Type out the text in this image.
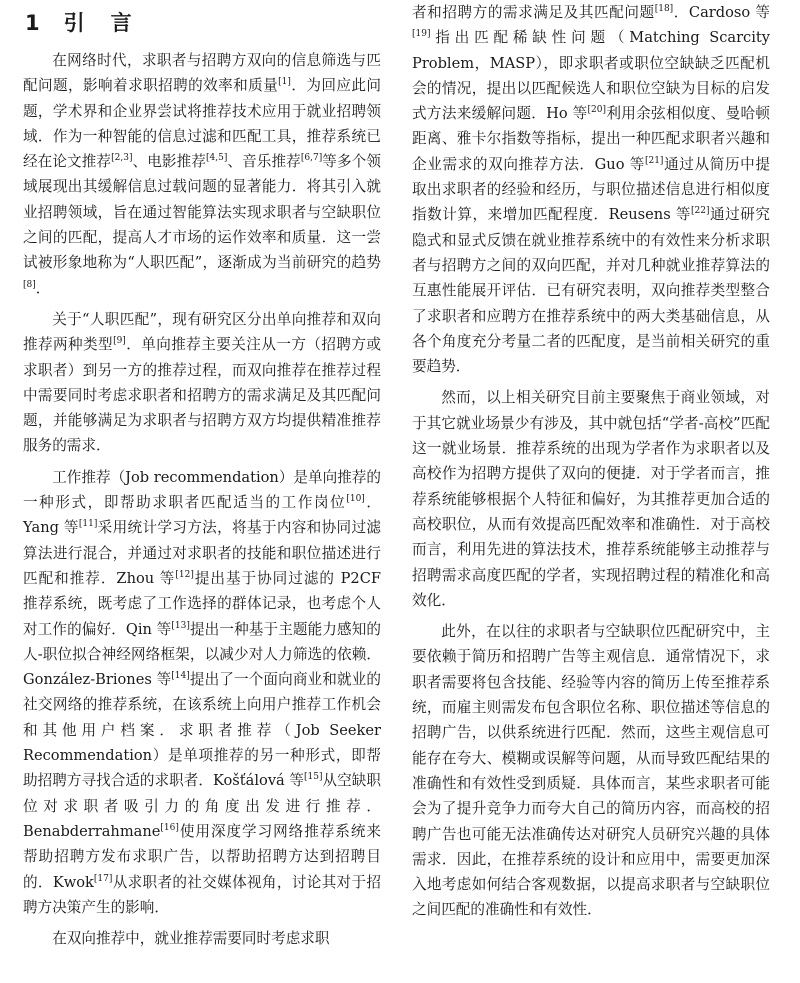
1 引 言

在网络时代，求职者与招聘方双向的信息筛选与匹配问题，影响着求职招聘的效率和质量[1]．为回应此问题，学术界和企业界尝试将推荐技术应用于就业招聘领域．作为一种智能的信息过滤和匹配工具，推荐系统已经在论文推荐[2,3]、电影推荐[4,5]、音乐推荐[6,7]等多个领域展现出其缓解信息过载问题的显著能力．将其引入就业招聘领域，旨在通过智能算法实现求职者与空缺职位之间的匹配，提高人才市场的运作效率和质量．这一尝试被形象地称为“人职匹配”，逐渐成为当前研究的趋势[8]．

关于“人职匹配”，现有研究区分出单向推荐和双向推荐两种类型[9]．单向推荐主要关注从一方（招聘方或求职者）到另一方的推荐过程，而双向推荐在推荐过程中需要同时考虑求职者和招聘方的需求满足及其匹配问题，并能够满足为求职者与招聘方双方均提供精准推荐服务的需求．

工作推荐（Job recommendation）是单向推荐的一种形式，即帮助求职者匹配适当的工作岗位[10]．Yang 等[11]采用统计学习方法，将基于内容和协同过滤算法进行混合，并通过对求职者的技能和职位描述进行匹配和推荐．Zhou 等[12]提出基于协同过滤的 P2CF 推荐系统，既考虑了工作选择的群体记录，也考虑个人对工作的偏好．Qin 等[13]提出一种基于主题能力感知的人-职位拟合神经网络框架，以减少对人力筛选的依赖．González-Briones 等[14]提出了一个面向商业和就业的社交网络的推荐系统，在该系统上向用户推荐工作机会和其他用户档案．求职者推荐（Job Seeker Recommendation）是单项推荐的另一种形式，即帮助招聘方寻找合适的求职者．Košťálová 等[15]从空缺职位对求职者吸引力的角度出发进行推荐．Benabderrahmane[16]使用深度学习网络推荐系统来帮助招聘方发布求职广告，以帮助招聘方达到招聘目的．Kwok[17]从求职者的社交媒体视角，讨论其对于招聘方决策产生的影响．

在双向推荐中，就业推荐需要同时考虑求职

者和招聘方的需求满足及其匹配问题[18]．Cardoso 等[19]指出匹配稀缺性问题（Matching Scarcity Problem，MASP），即求职者或职位空缺缺乏匹配机会的情况，提出以匹配候选人和职位空缺为目标的启发式方法来缓解问题．Ho 等[20]利用余弦相似度、曼哈顿距离、雅卡尔指数等指标，提出一种匹配求职者兴趣和企业需求的双向推荐方法．Guo 等[21]通过从简历中提取出求职者的经验和经历，与职位描述信息进行相似度指数计算，来增加匹配程度．Reusens 等[22]通过研究隐式和显式反馈在就业推荐系统中的有效性来分析求职者与招聘方之间的双向匹配，并对几种就业推荐算法的互惠性能展开评估．已有研究表明，双向推荐类型整合了求职者和应聘方在推荐系统中的两大类基础信息，从各个角度充分考量二者的匹配度，是当前相关研究的重要趋势．

然而，以上相关研究目前主要聚焦于商业领域，对于其它就业场景少有涉及，其中就包括“学者-高校”匹配这一就业场景．推荐系统的出现为学者作为求职者以及高校作为招聘方提供了双向的便捷．对于学者而言，推荐系统能够根据个人特征和偏好，为其推荐更加合适的高校职位，从而有效提高匹配效率和准确性．对于高校而言，利用先进的算法技术，推荐系统能够主动推荐与招聘需求高度匹配的学者，实现招聘过程的精准化和高效化．

此外，在以往的求职者与空缺职位匹配研究中，主要依赖于简历和招聘广告等主观信息．通常情况下，求职者需要将包含技能、经验等内容的简历上传至推荐系统，而雇主则需发布包含职位名称、职位描述等信息的招聘广告，以供系统进行匹配．然而，这些主观信息可能存在夸大、模糊或误解等问题，从而导致匹配结果的准确性和有效性受到质疑．具体而言，某些求职者可能会为了提升竞争力而夸大自己的简历内容，而高校的招聘广告也可能无法准确传达对研究人员研究兴趣的具体需求．因此，在推荐系统的设计和应用中，需要更加深入地考虑如何结合客观数据，以提高求职者与空缺职位之间匹配的准确性和有效性．
